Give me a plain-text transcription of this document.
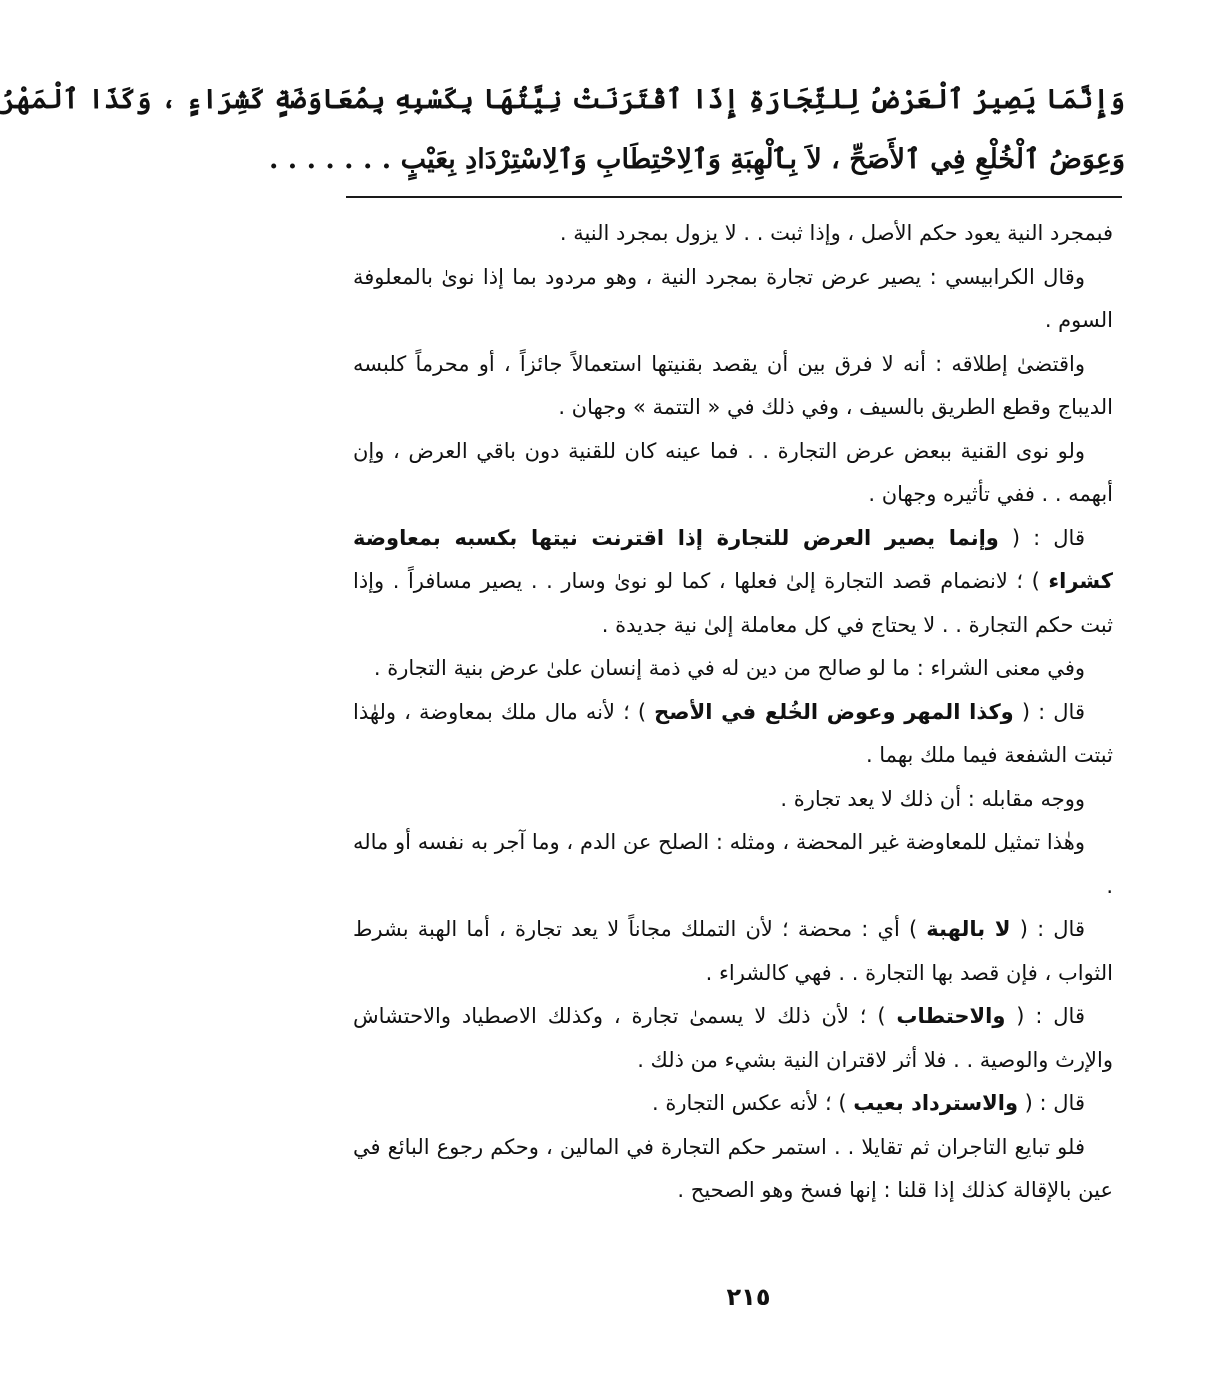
وَإِنَّمَا يَصِيرُ ٱلْعَرْضُ لِلتِّجَارَةِ إِذَا ٱقْتَرَنَتْ نِيَّتُهَا بِكَسْبِهِ بِمُعَاوَضَةٍ كَشِرَاءٍ ، وَكَذَا ٱلْمَهْرُ
وَعِوَضُ ٱلْخُلْعِ فِي ٱلأَصَحِّ ، لاَ بِٱلْهِبَةِ وَٱلِاحْتِطَابِ وَٱلِاسْتِرْدَادِ بِعَيْبٍ . . . . . . .

فبمجرد النية يعود حكم الأصل ، وإذا ثبت . . لا يزول بمجرد النية .

وقال الكرابيسي : يصير عرض تجارة بمجرد النية ، وهو مردود بما إذا نوىٰ بالمعلوفة السوم .

واقتضىٰ إطلاقه : أنه لا فرق بين أن يقصد بقنيتها استعمالاً جائزاً ، أو محرماً كلبسه الديباج وقطع الطريق بالسيف ، وفي ذلك في « التتمة » وجهان .

ولو نوى القنية ببعض عرض التجارة . . فما عينه كان للقنية دون باقي العرض ، وإن أبهمه . . ففي تأثيره وجهان .

قال : ( وإنما يصير العرض للتجارة إذا اقترنت نيتها بكسبه بمعاوضة كشراء ) ؛ لانضمام قصد التجارة إلىٰ فعلها ، كما لو نوىٰ وسار . . يصير مسافراً . وإذا ثبت حكم التجارة . . لا يحتاج في كل معاملة إلىٰ نية جديدة .

وفي معنى الشراء : ما لو صالح من دين له في ذمة إنسان علىٰ عرض بنية التجارة .

قال : ( وكذا المهر وعوض الخُلع في الأصح ) ؛ لأنه مال ملك بمعاوضة ، ولهٰذا ثبتت الشفعة فيما ملك بهما .

ووجه مقابله : أن ذلك لا يعد تجارة .

وهٰذا تمثيل للمعاوضة غير المحضة ، ومثله : الصلح عن الدم ، وما آجر به نفسه أو ماله .

قال : ( لا بالهبة ) أي : محضة ؛ لأن التملك مجاناً لا يعد تجارة ، أما الهبة بشرط الثواب ، فإن قصد بها التجارة . . فهي كالشراء .

قال : ( والاحتطاب ) ؛ لأن ذلك لا يسمىٰ تجارة ، وكذلك الاصطياد والاحتشاش والإرث والوصية . . فلا أثر لاقتران النية بشيء من ذلك .

قال : ( والاسترداد بعيب ) ؛ لأنه عكس التجارة .

فلو تبايع التاجران ثم تقايلا . . استمر حكم التجارة في المالين ، وحكم رجوع البائع في عين بالإقالة كذلك إذا قلنا : إنها فسخ وهو الصحيح .

٢١٥
